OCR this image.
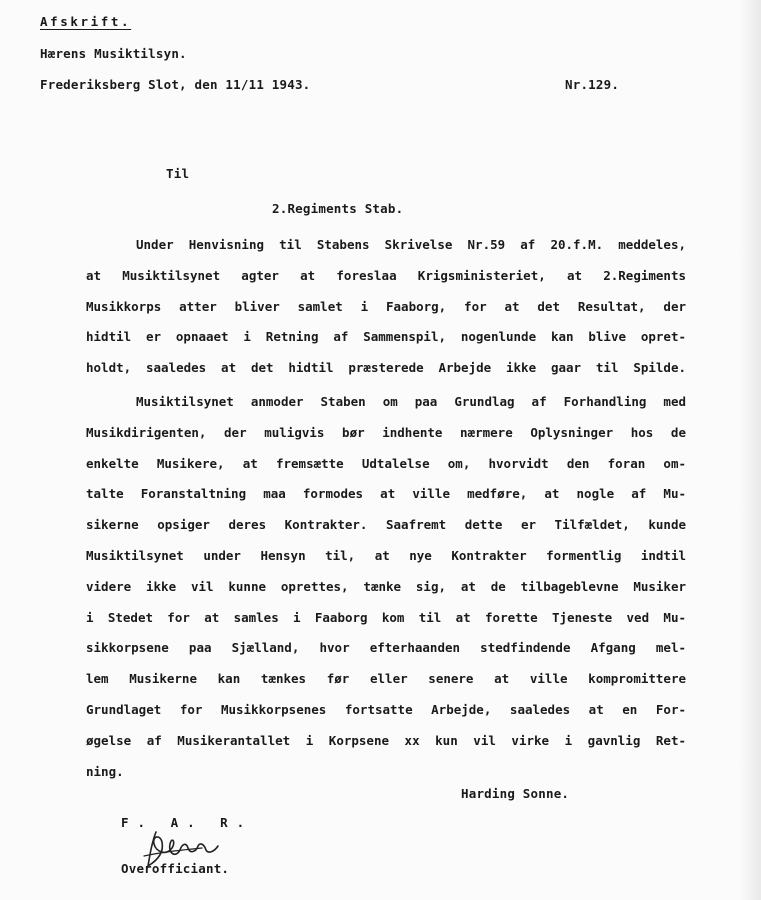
Afskrift.
Hærens Musiktilsyn.
Frederiksberg Slot, den 11/11 1943.	Nr.129.
Til
2.Regiments Stab.
Under Henvisning til Stabens Skrivelse Nr.59 af 20.f.M. meddeles,
at Musiktilsynet agter at foreslaa Krigsministeriet, at 2.Regiments
Musikkorps atter bliver samlet i Faaborg, for at det Resultat, der
hidtil er opnaaet i Retning af Sammenspil, nogenlunde kan blive opret-
holdt, saaledes at det hidtil præsterede Arbejde ikke gaar til Spilde.
Musiktilsynet anmoder Staben om paa Grundlag af Forhandling med
Musikdirigenten, der muligvis bør indhente nærmere Oplysninger hos de
enkelte Musikere, at fremsætte Udtalelse om, hvorvidt den foran om-
talte Foranstaltning maa formodes at ville medføre, at nogle af Mu-
sikerne opsiger deres Kontrakter. Saafremt dette er Tilfældet, kunde
Musiktilsynet under Hensyn til, at nye Kontrakter formentlig indtil
videre ikke vil kunne oprettes, tænke sig, at de tilbageblevne Musiker
i Stedet for at samles i Faaborg kom til at forette Tjeneste ved Mu-
sikkorpsene paa Sjælland, hvor efterhaanden stedfindende Afgang mel-
lem Musikerne kan tænkes før eller senere at ville kompromittere
Grundlaget for Musikkorpsenes fortsatte Arbejde, saaledes at en For-
øgelse af Musikerantallet i Korpsene xx kun vil virke i gavnlig Ret-
ning.
Harding Sonne.
F. A. R.
Overofficiant.
